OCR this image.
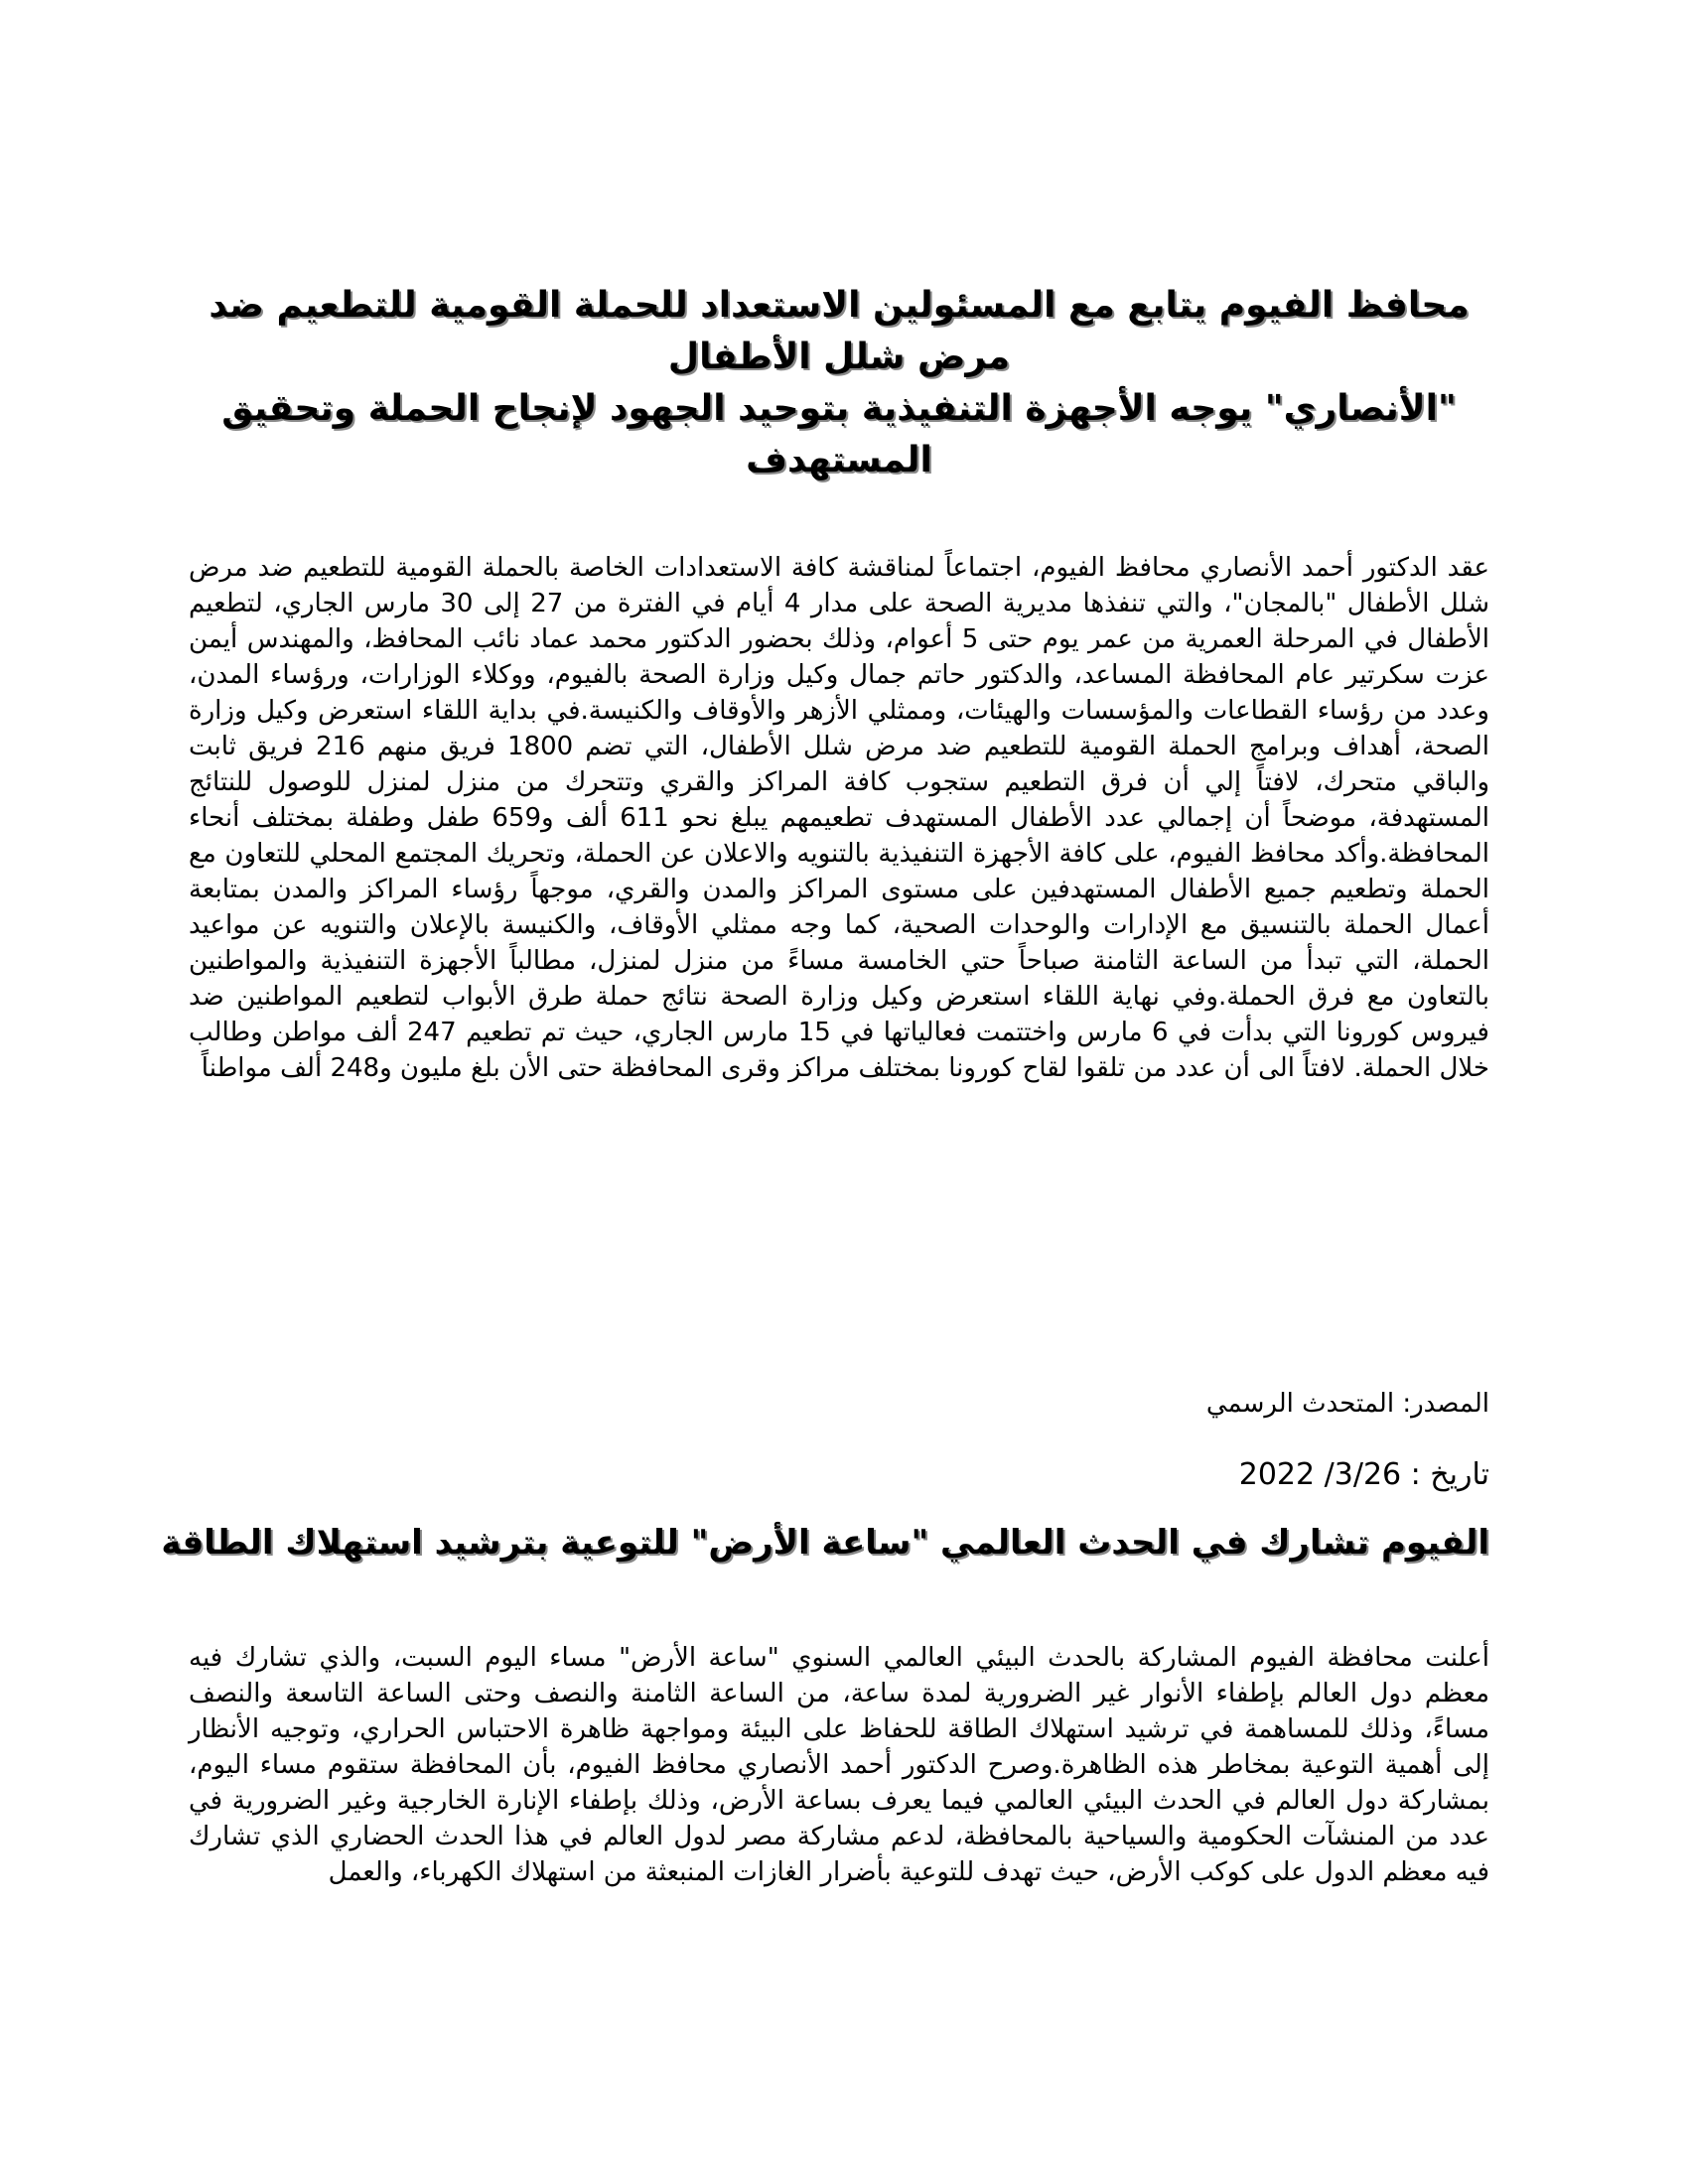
محافظ الفيوم يتابع مع المسئولين الاستعداد للحملة القومية للتطعيم ضد مرض شلل الأطفال
"الأنصاري" يوجه الأجهزة التنفيذية بتوحيد الجهود لإنجاح الحملة وتحقيق المستهدف

عقد الدكتور أحمد الأنصاري محافظ الفيوم، اجتماعاً لمناقشة كافة الاستعدادات الخاصة بالحملة القومية للتطعيم ضد مرض شلل الأطفال "بالمجان"، والتي تنفذها مديرية الصحة على مدار 4 أيام في الفترة من 27 إلى 30 مارس الجاري، لتطعيم الأطفال في المرحلة العمرية من عمر يوم حتى 5 أعوام، وذلك بحضور الدكتور محمد عماد نائب المحافظ، والمهندس أيمن عزت سكرتير عام المحافظة المساعد، والدكتور حاتم جمال وكيل وزارة الصحة بالفيوم، ووكلاء الوزارات، ورؤساء المدن، وعدد من رؤساء القطاعات والمؤسسات والهيئات، وممثلي الأزهر والأوقاف والكنيسة.في بداية اللقاء استعرض وكيل وزارة الصحة، أهداف وبرامج الحملة القومية للتطعيم ضد مرض شلل الأطفال، التي تضم 1800 فريق منهم 216 فريق ثابت والباقي متحرك، لافتاً إلي أن فرق التطعيم ستجوب كافة المراكز والقري وتتحرك من منزل لمنزل للوصول للنتائج المستهدفة، موضحاً أن إجمالي عدد الأطفال المستهدف تطعيمهم يبلغ نحو 611 ألف و659 طفل وطفلة بمختلف أنحاء المحافظة.وأكد محافظ الفيوم، على كافة الأجهزة التنفيذية بالتنويه والاعلان عن الحملة، وتحريك المجتمع المحلي للتعاون مع الحملة وتطعيم جميع الأطفال المستهدفين على مستوى المراكز والمدن والقري، موجهاً رؤساء المراكز والمدن بمتابعة أعمال الحملة بالتنسيق مع الإدارات والوحدات الصحية، كما وجه ممثلي الأوقاف، والكنيسة بالإعلان والتنويه عن مواعيد الحملة، التي تبدأ من الساعة الثامنة صباحاً حتي الخامسة مساءً من منزل لمنزل، مطالباً الأجهزة التنفيذية والمواطنين بالتعاون مع فرق الحملة.وفي نهاية اللقاء استعرض وكيل وزارة الصحة نتائج حملة طرق الأبواب لتطعيم المواطنين ضد فيروس كورونا التي بدأت في 6 مارس واختتمت فعالياتها في 15 مارس الجاري، حيث تم تطعيم 247 ألف مواطن وطالب خلال الحملة. لافتاً الى أن عدد من تلقوا لقاح كورونا بمختلف مراكز وقرى المحافظة حتى الأن بلغ مليون و248 ألف مواطناً

المصدر: المتحدث الرسمي
تاريخ : 3/26/ 2022
الفيوم تشارك في الحدث العالمي "ساعة الأرض" للتوعية بترشيد استهلاك الطاقة

أعلنت محافظة الفيوم المشاركة بالحدث البيئي العالمي السنوي "ساعة الأرض" مساء اليوم السبت، والذي تشارك فيه معظم دول العالم بإطفاء الأنوار غير الضرورية لمدة ساعة، من الساعة الثامنة والنصف وحتى الساعة التاسعة والنصف مساءً، وذلك للمساهمة في ترشيد استهلاك الطاقة للحفاظ على البيئة ومواجهة ظاهرة الاحتباس الحراري، وتوجيه الأنظار إلى أهمية التوعية بمخاطر هذه الظاهرة.وصرح الدكتور أحمد الأنصاري محافظ الفيوم، بأن المحافظة ستقوم مساء اليوم، بمشاركة دول العالم في الحدث البيئي العالمي فيما يعرف بساعة الأرض، وذلك بإطفاء الإنارة الخارجية وغير الضرورية في عدد من المنشآت الحكومية والسياحية بالمحافظة، لدعم مشاركة مصر لدول العالم في هذا الحدث الحضاري الذي تشارك فيه معظم الدول على كوكب الأرض، حيث تهدف للتوعية بأضرار الغازات المنبعثة من استهلاك الكهرباء، والعمل
